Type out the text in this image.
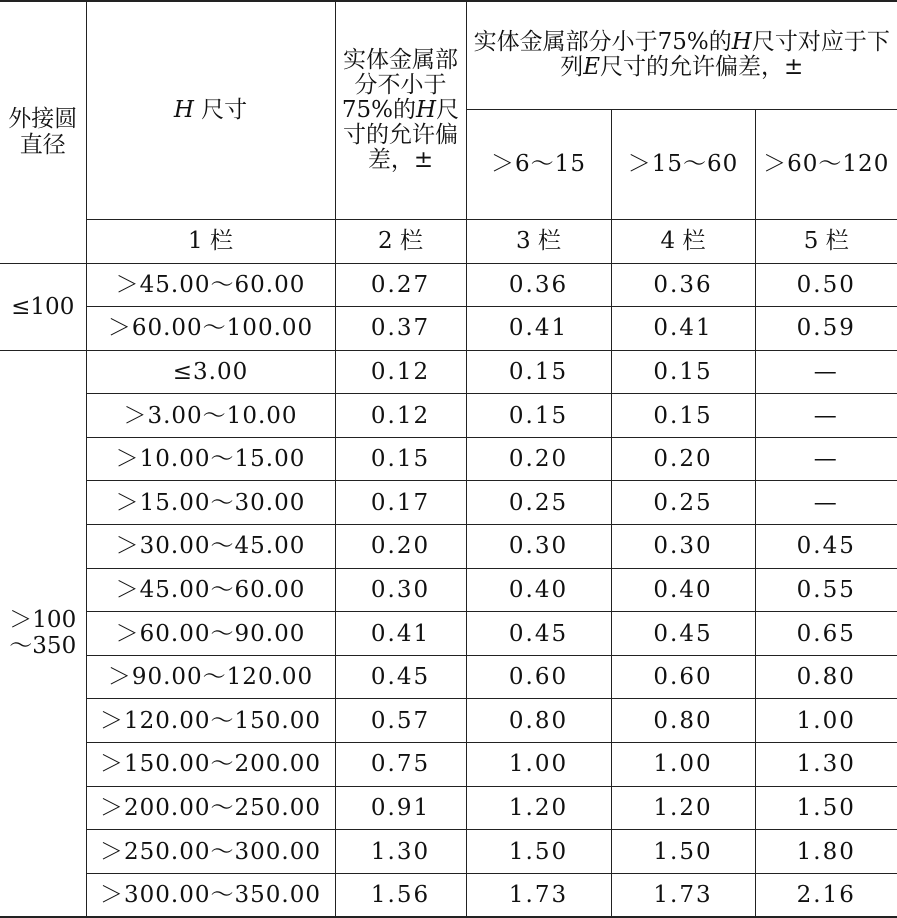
外接圆直径	H 尺寸	实体金属部分不小于75%的H尺寸的允许偏差，±	实体金属部分小于75%的H尺寸对应于下列E尺寸的允许偏差，±		
			＞6～15	＞15～60	＞60～120
	1 栏	2 栏	3 栏	4 栏	5 栏
≤100	＞45.00～60.00	0.27	0.36	0.36	0.50
	＞60.00～100.00	0.37	0.41	0.41	0.59
＞100～350	≤3.00	0.12	0.15	0.15	—
	＞3.00～10.00	0.12	0.15	0.15	—
	＞10.00～15.00	0.15	0.20	0.20	—
	＞15.00～30.00	0.17	0.25	0.25	—
	＞30.00～45.00	0.20	0.30	0.30	0.45
	＞45.00～60.00	0.30	0.40	0.40	0.55
	＞60.00～90.00	0.41	0.45	0.45	0.65
	＞90.00～120.00	0.45	0.60	0.60	0.80
	＞120.00～150.00	0.57	0.80	0.80	1.00
	＞150.00～200.00	0.75	1.00	1.00	1.30
	＞200.00～250.00	0.91	1.20	1.20	1.50
	＞250.00～300.00	1.30	1.50	1.50	1.80
	＞300.00～350.00	1.56	1.73	1.73	2.16
